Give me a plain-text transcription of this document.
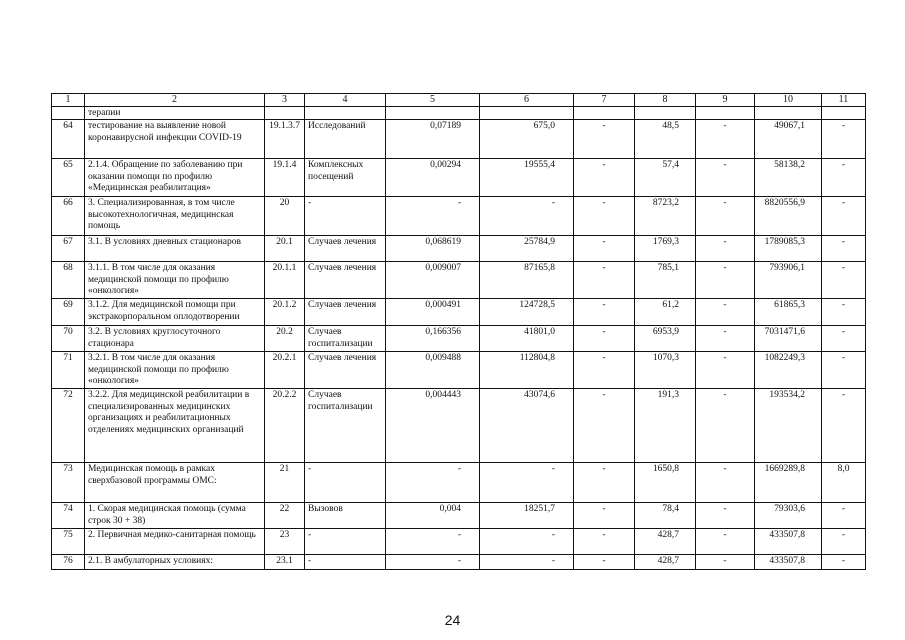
1	2	3	4	5	6	7	8	9	10	11
	терапии									
64	тестирование на выявление новой коронавирусной инфекции COVID-19	19.1.3.7	Исследований	0,07189	675,0	-	48,5	-	49067,1	-
65	2.1.4. Обращение по заболеванию при оказании помощи по профилю «Медицинская реабилитация»	19.1.4	Комплексных посещений	0,00294	19555,4	-	57,4	-	58138,2	-
66	3. Специализированная, в том числе высокотехнологичная, медицинская помощь	20	-	-	-	-	8723,2	-	8820556,9	-
67	3.1. В условиях дневных стационаров	20.1	Случаев лечения	0,068619	25784,9	-	1769,3	-	1789085,3	-
68	3.1.1. В том числе для оказания медицинской помощи по профилю «онкология»	20.1.1	Случаев лечения	0,009007	87165,8	-	785,1	-	793906,1	-
69	3.1.2. Для медицинской помощи при экстракорпоральном оплодотворении	20.1.2	Случаев лечения	0,000491	124728,5	-	61,2	-	61865,3	-
70	3.2. В условиях круглосуточного стационара	20.2	Случаев госпитализации	0,166356	41801,0	-	6953,9	-	7031471,6	-
71	3.2.1. В том числе для оказания медицинской помощи по профилю «онкология»	20.2.1	Случаев лечения	0,009488	112804,8	-	1070,3	-	1082249,3	-
72	3.2.2. Для медицинской реабилитации в специализированных медицинских организациях и реабилитационных отделениях медицинских организаций	20.2.2	Случаев госпитализации	0,004443	43074,6	-	191,3	-	193534,2	-
73	Медицинская помощь в рамках сверхбазовой программы ОМС:	21	-	-	-	-	1650,8	-	1669289,8	8,0
74	1. Скорая медицинская помощь (сумма строк 30 + 38)	22	Вызовов	0,004	18251,7	-	78,4	-	79303,6	-
75	2. Первичная медико-санитарная помощь	23	-	-	-	-	428,7	-	433507,8	-
76	2.1. В амбулаторных условиях:	23.1	-	-	-	-	428,7	-	433507,8	-
24
